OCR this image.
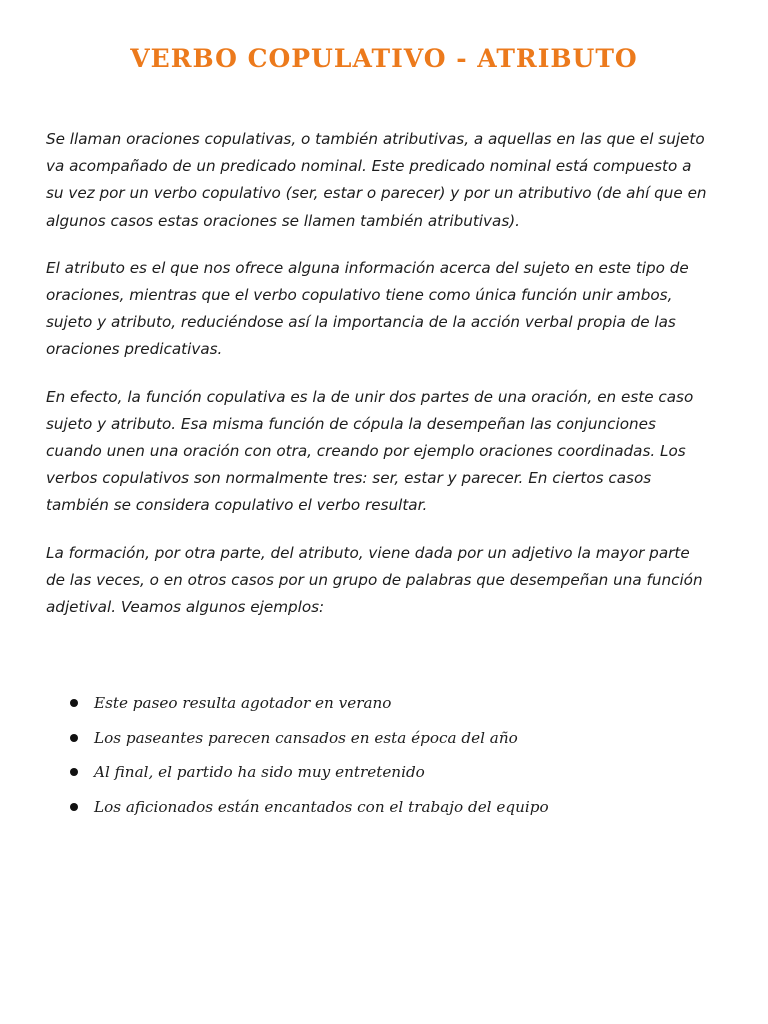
VERBO COPULATIVO - ATRIBUTO

Se llaman oraciones copulativas, o también atributivas, a aquellas en las que el sujeto va acompañado de un predicado nominal. Este predicado nominal está compuesto a su vez por un verbo copulativo (ser, estar o parecer) y por un atributivo (de ahí que en algunos casos estas oraciones se llamen también atributivas).

El atributo es el que nos ofrece alguna información acerca del sujeto en este tipo de oraciones, mientras que el verbo copulativo tiene como única función unir ambos, sujeto y atributo, reduciéndose así la importancia de la acción verbal propia de las oraciones predicativas.

En efecto, la función copulativa es la de unir dos partes de una oración, en este caso sujeto y atributo. Esa misma función de cópula la desempeñan las conjunciones cuando unen una oración con otra, creando por ejemplo oraciones coordinadas. Los verbos copulativos son normalmente tres: ser, estar y parecer. En ciertos casos también se considera copulativo el verbo resultar.

La formación, por otra parte, del atributo, viene dada por un adjetivo la mayor parte de las veces, o en otros casos por un grupo de palabras que desempeñan una función adjetival. Veamos algunos ejemplos:

Este paseo resulta agotador en verano
Los paseantes parecen cansados en esta época del año
Al final, el partido ha sido muy entretenido
Los aficionados están encantados con el trabajo del equipo
